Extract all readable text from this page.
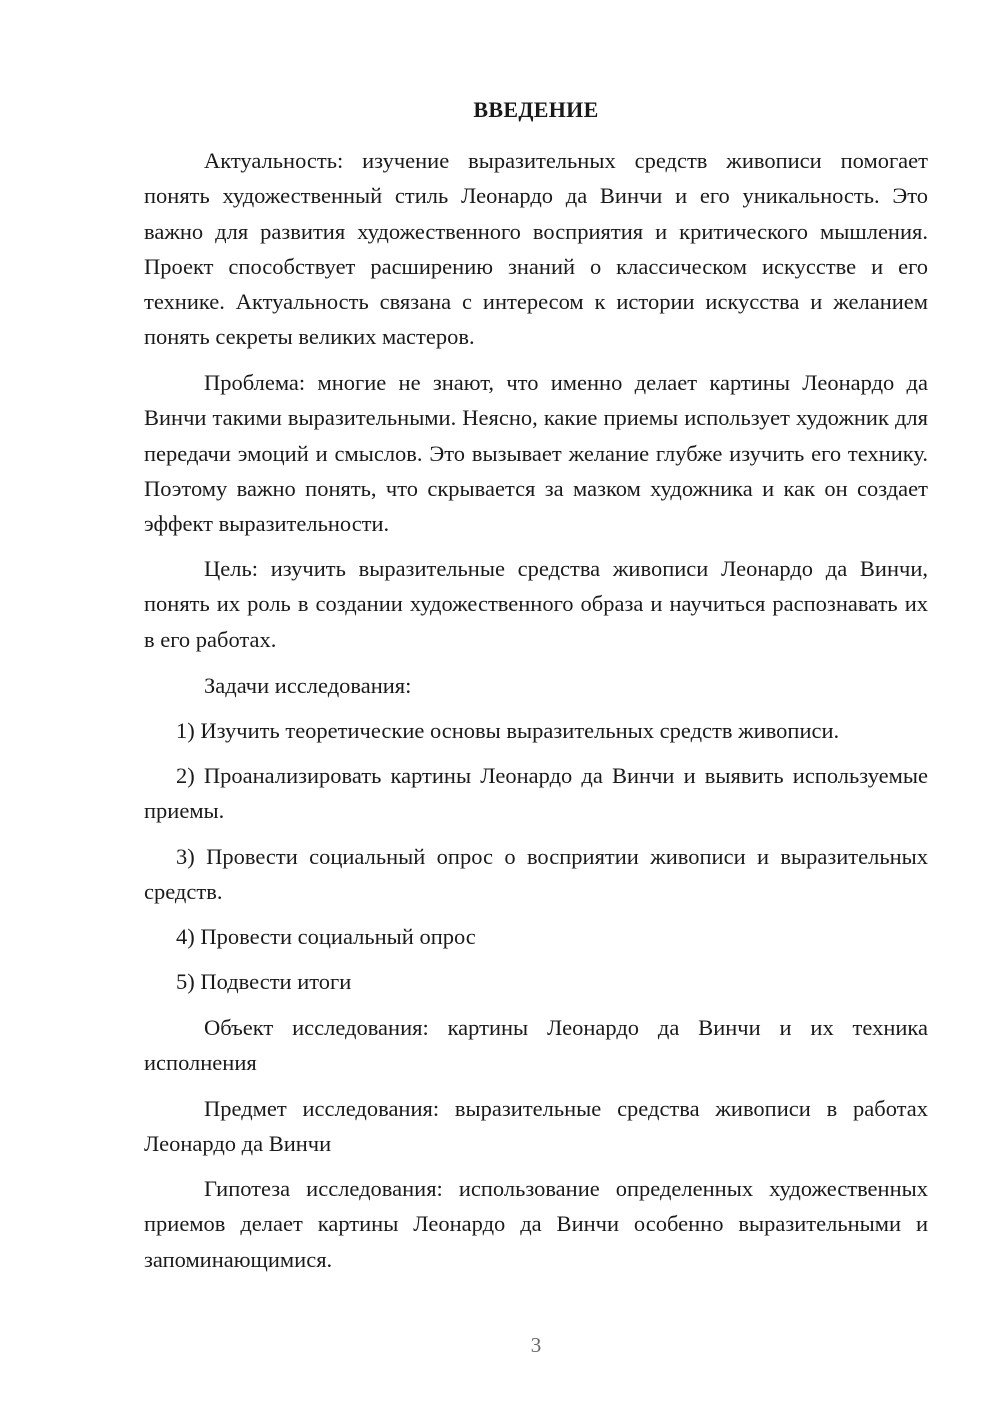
ВВЕДЕНИЕ

Актуальность: изучение выразительных средств живописи помогает понять художественный стиль Леонардо да Винчи и его уникальность. Это важно для развития художественного восприятия и критического мышления. Проект способствует расширению знаний о классическом искусстве и его технике. Актуальность связана с интересом к истории искусства и желанием понять секреты великих мастеров.

Проблема: многие не знают, что именно делает картины Леонардо да Винчи такими выразительными. Неясно, какие приемы использует художник для передачи эмоций и смыслов. Это вызывает желание глубже изучить его технику. Поэтому важно понять, что скрывается за мазком художника и как он создает эффект выразительности.

Цель: изучить выразительные средства живописи Леонардо да Винчи, понять их роль в создании художественного образа и научиться распознавать их в его работах.

Задачи исследования:

1) Изучить теоретические основы выразительных средств живописи.

2) Проанализировать картины Леонардо да Винчи и выявить используемые приемы.

3) Провести социальный опрос о восприятии живописи и выразительных средств.

4) Провести социальный опрос

5) Подвести итоги

Объект исследования: картины Леонардо да Винчи и их техника исполнения

Предмет исследования: выразительные средства живописи в работах Леонардо да Винчи

Гипотеза исследования: использование определенных художественных приемов делает картины Леонардо да Винчи особенно выразительными и запоминающимися.

3
